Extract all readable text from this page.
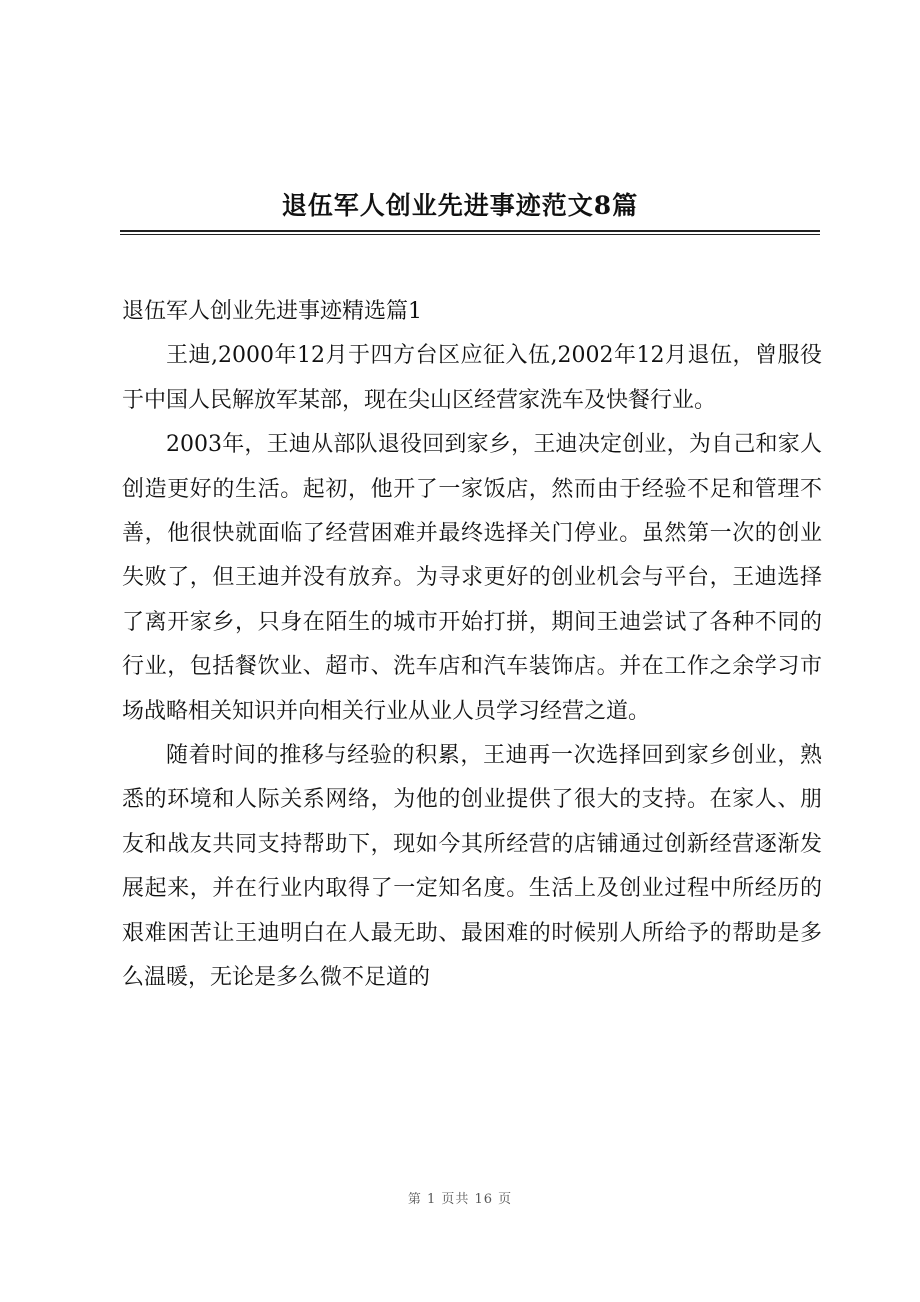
退伍军人创业先进事迹范文8篇

退伍军人创业先进事迹精选篇1

王迪,2000年12月于四方台区应征入伍,2002年12月退伍，曾服役于中国人民解放军某部，现在尖山区经营家洗车及快餐行业。

2003年，王迪从部队退役回到家乡，王迪决定创业，为自己和家人创造更好的生活。起初，他开了一家饭店，然而由于经验不足和管理不善，他很快就面临了经营困难并最终选择关门停业。虽然第一次的创业失败了，但王迪并没有放弃。为寻求更好的创业机会与平台，王迪选择了离开家乡，只身在陌生的城市开始打拼，期间王迪尝试了各种不同的行业，包括餐饮业、超市、洗车店和汽车装饰店。并在工作之余学习市场战略相关知识并向相关行业从业人员学习经营之道。

随着时间的推移与经验的积累，王迪再一次选择回到家乡创业，熟悉的环境和人际关系网络，为他的创业提供了很大的支持。在家人、朋友和战友共同支持帮助下，现如今其所经营的店铺通过创新经营逐渐发展起来，并在行业内取得了一定知名度。生活上及创业过程中所经历的艰难困苦让王迪明白在人最无助、最困难的时候别人所给予的帮助是多么温暖，无论是多么微不足道的

第 1 页共 16 页
